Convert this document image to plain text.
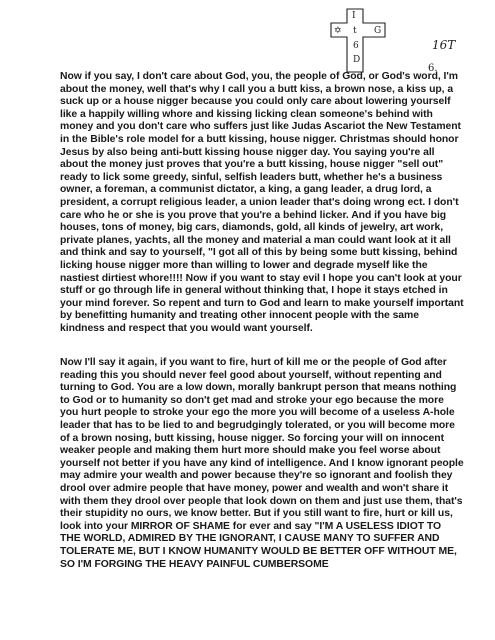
I
t
6
D
✡	G
16T
6.

Now if you say, I don't care about God, you, the people of God, or God's word, I'm about the money, well that's why I call you a butt kiss, a brown nose, a kiss up, a suck up or a house nigger because you could only care about lowering yourself like a happily willing whore and kissing licking clean someone's behind with money and you don't care who suffers just like Judas Ascariot the New Testament in the Bible's role model for a butt kissing, house nigger. Christmas should honor Jesus by also being anti-butt kissing house nigger day. You saying you're all about the money just proves that you're a butt kissing, house nigger "sell out" ready to lick some greedy, sinful, selfish leaders butt, whether he's a business owner, a foreman, a communist dictator, a king, a gang leader, a drug lord, a president, a corrupt religious leader, a union leader that's doing wrong ect. I don't care who he or she is you prove that you're a behind licker. And if you have big houses, tons of money, big cars, diamonds, gold, all kinds of jewelry, art work, private planes, yachts, all the money and material a man could want look at it all and think and say to yourself, "I got all of this by being some butt kissing, behind licking house nigger more than willing to lower and degrade myself like the nastiest dirtiest whore!!!! Now if you want to stay evil I hope you can't look at your stuff or go through life in general without thinking that, I hope it stays etched in your mind forever. So repent and turn to God and learn to make yourself important by benefitting humanity and treating other innocent people with the same kindness and respect that you would want yourself.

Now I'll say it again, if you want to fire, hurt of kill me or the people of God after reading this you should never feel good about yourself, without repenting and turning to God. You are a low down, morally bankrupt person that means nothing to God or to humanity so don't get mad and stroke your ego because the more you hurt people to stroke your ego the more you will become of a useless A-hole leader that has to be lied to and begrudgingly tolerated, or you will become more of a brown nosing, butt kissing, house nigger. So forcing your will on innocent weaker people and making them hurt more should make you feel worse about yourself not better if you have any kind of intelligence. And I know ignorant people may admire your wealth and power because they're so ignorant and foolish they drool over admire people that have money, power and wealth and won't share it with them they drool over people that look down on them and just use them, that's their stupidity no ours, we know better. But if you still want to fire, hurt or kill us, look into your MIRROR OF SHAME for ever and say "I'M A USELESS IDIOT TO THE WORLD, ADMIRED BY THE IGNORANT, I CAUSE MANY TO SUFFER AND TOLERATE ME, BUT I KNOW HUMANITY WOULD BE BETTER OFF WITHOUT ME, SO I'M FORGING THE HEAVY PAINFUL CUMBERSOME
